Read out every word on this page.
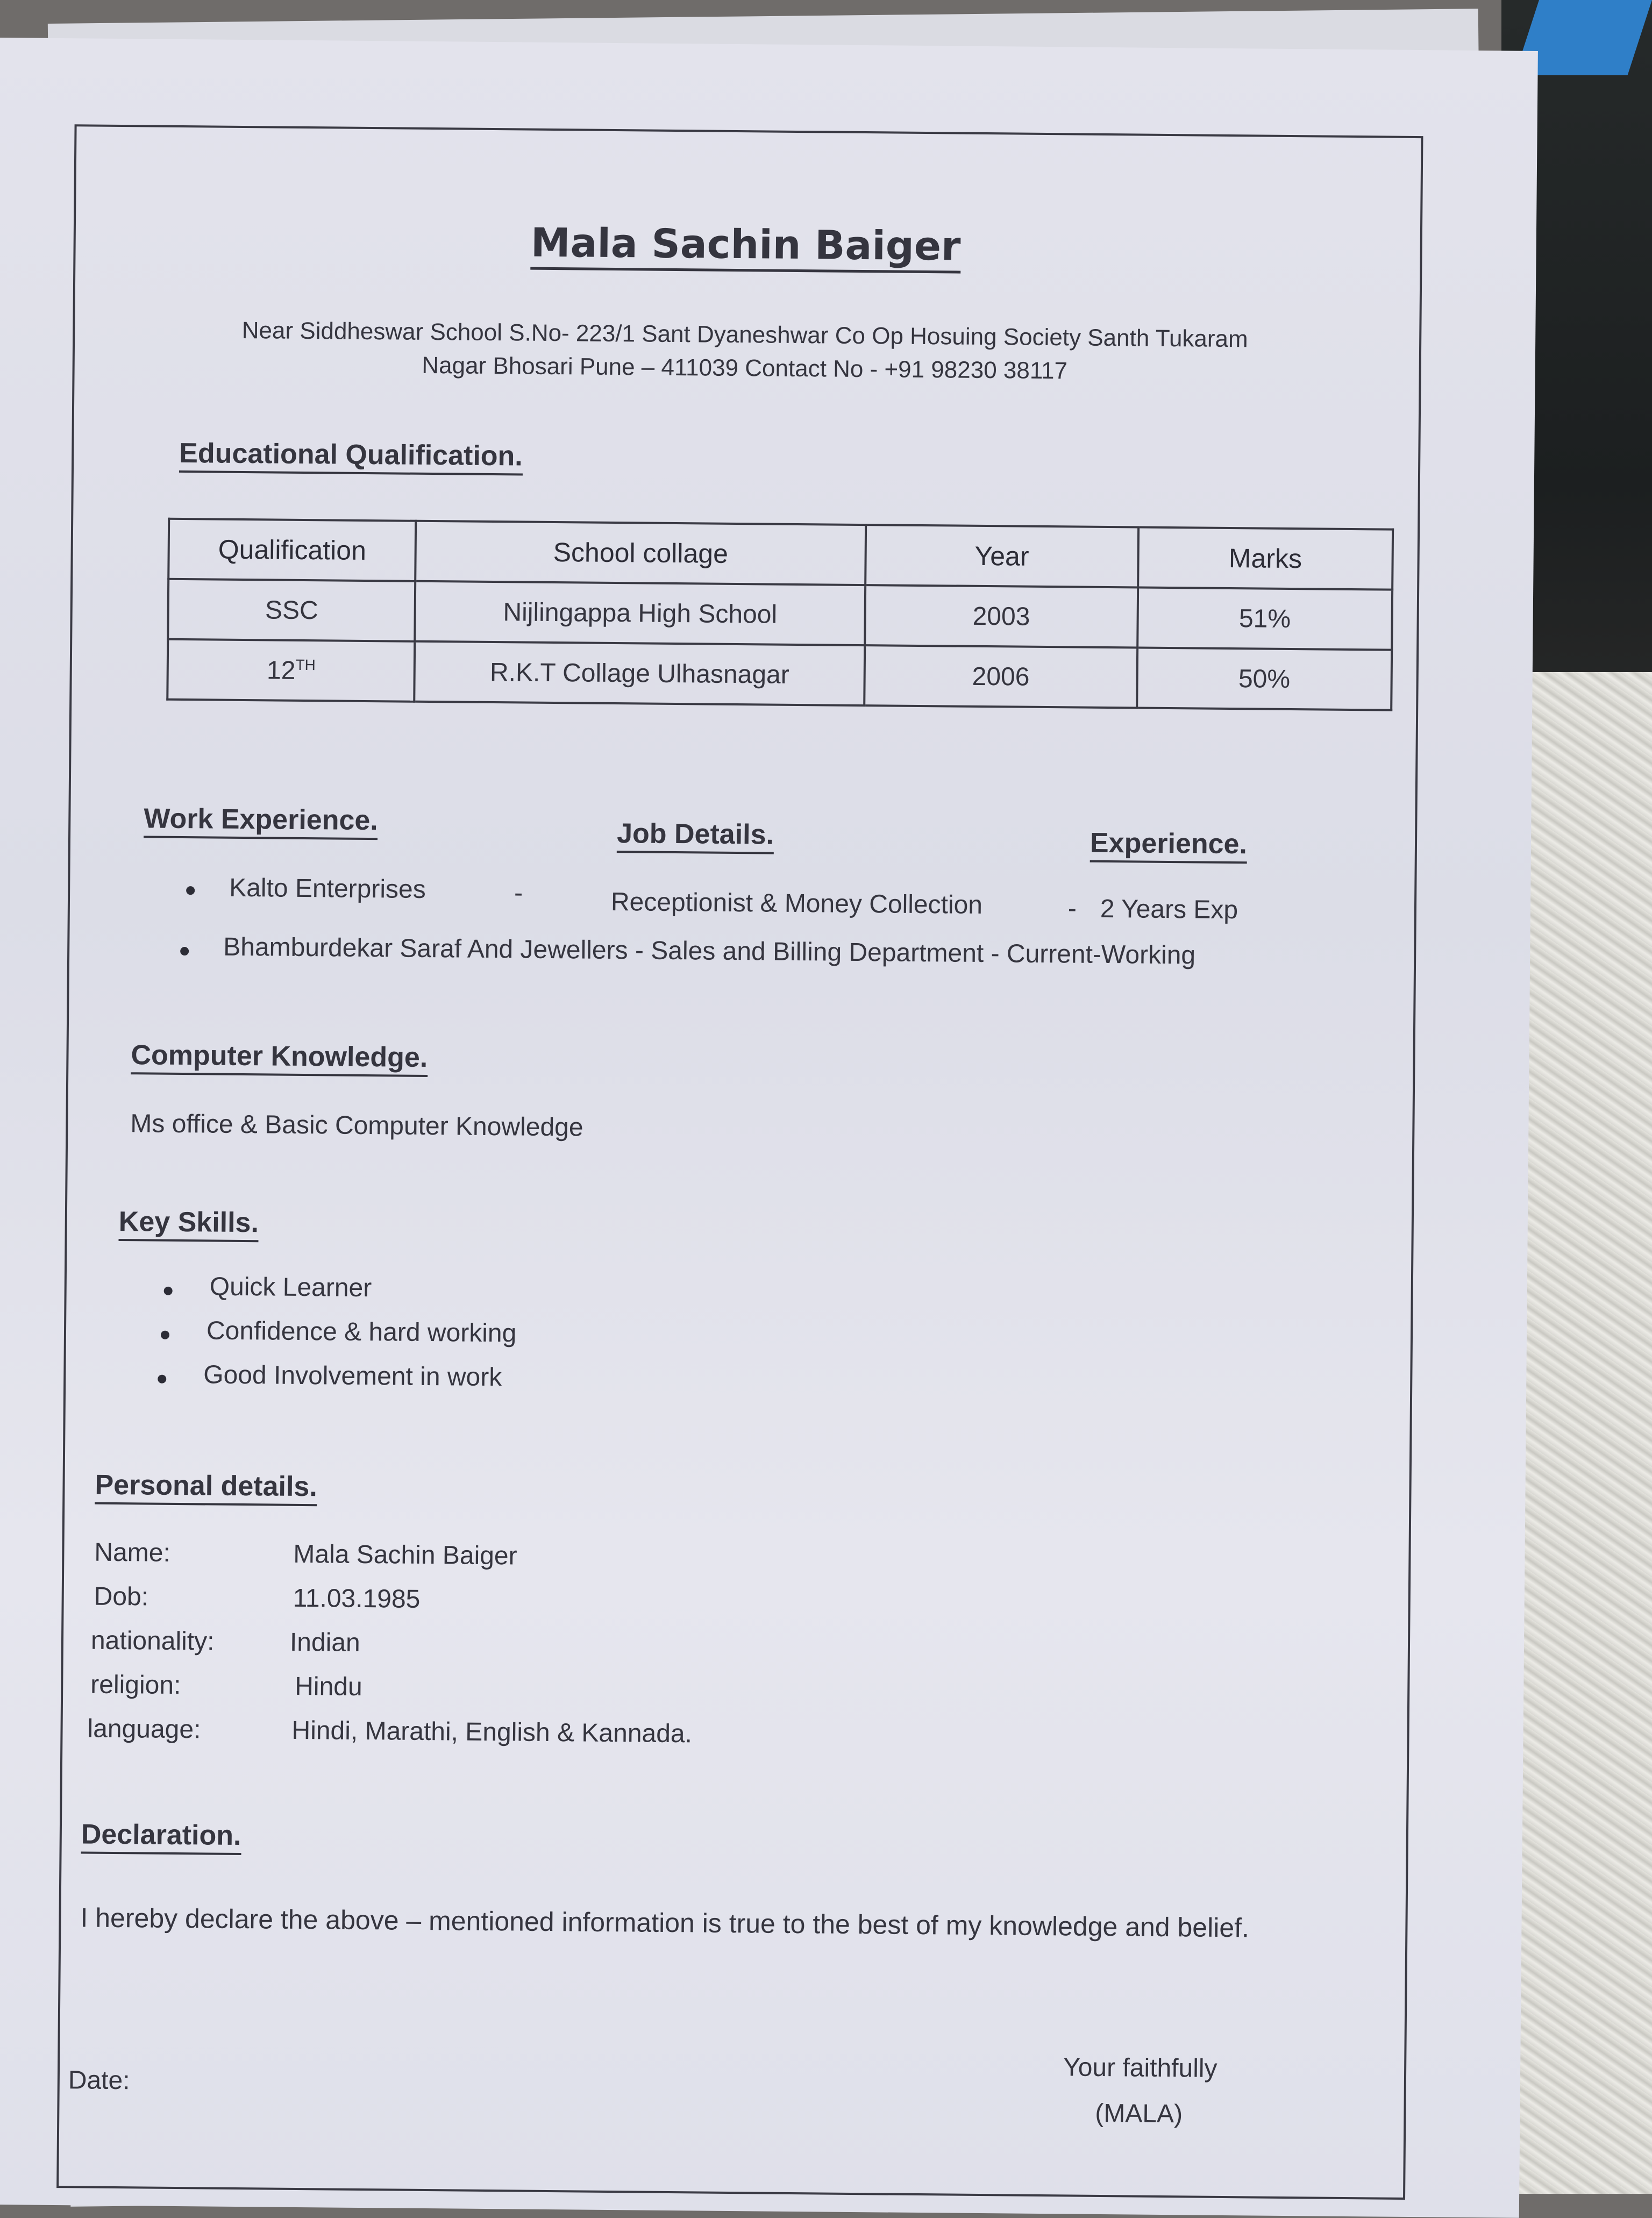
Mala Sachin Baiger
Near Siddheswar School S.No- 223/1 Sant Dyaneshwar Co Op Hosuing Society Santh Tukaram
Nagar Bhosari Pune – 411039 Contact No - +91 98230 38117
Educational Qualification.
Qualification	School collage	Year	Marks
SSC	Nijlingappa High School	2003	51%
12TH	R.K.T Collage Ulhasnagar	2006	50%
Work Experience.	Job Details.	Experience.
Kalto Enterprises	-	Receptionist & Money Collection	- 2 Years Exp
Bhamburdekar Saraf And Jewellers - Sales and Billing Department - Current-Working
Computer Knowledge.
Ms office & Basic Computer Knowledge
Key Skills.
Quick Learner
Confidence & hard working
Good Involvement in work
Personal details.
Name:	Mala Sachin Baiger
Dob:	11.03.1985
nationality:	Indian
religion:	Hindu
language:	Hindi, Marathi, English & Kannada.
Declaration.
I hereby declare the above – mentioned information is true to the best of my knowledge and belief.
Date:	Your faithfully
(MALA)
